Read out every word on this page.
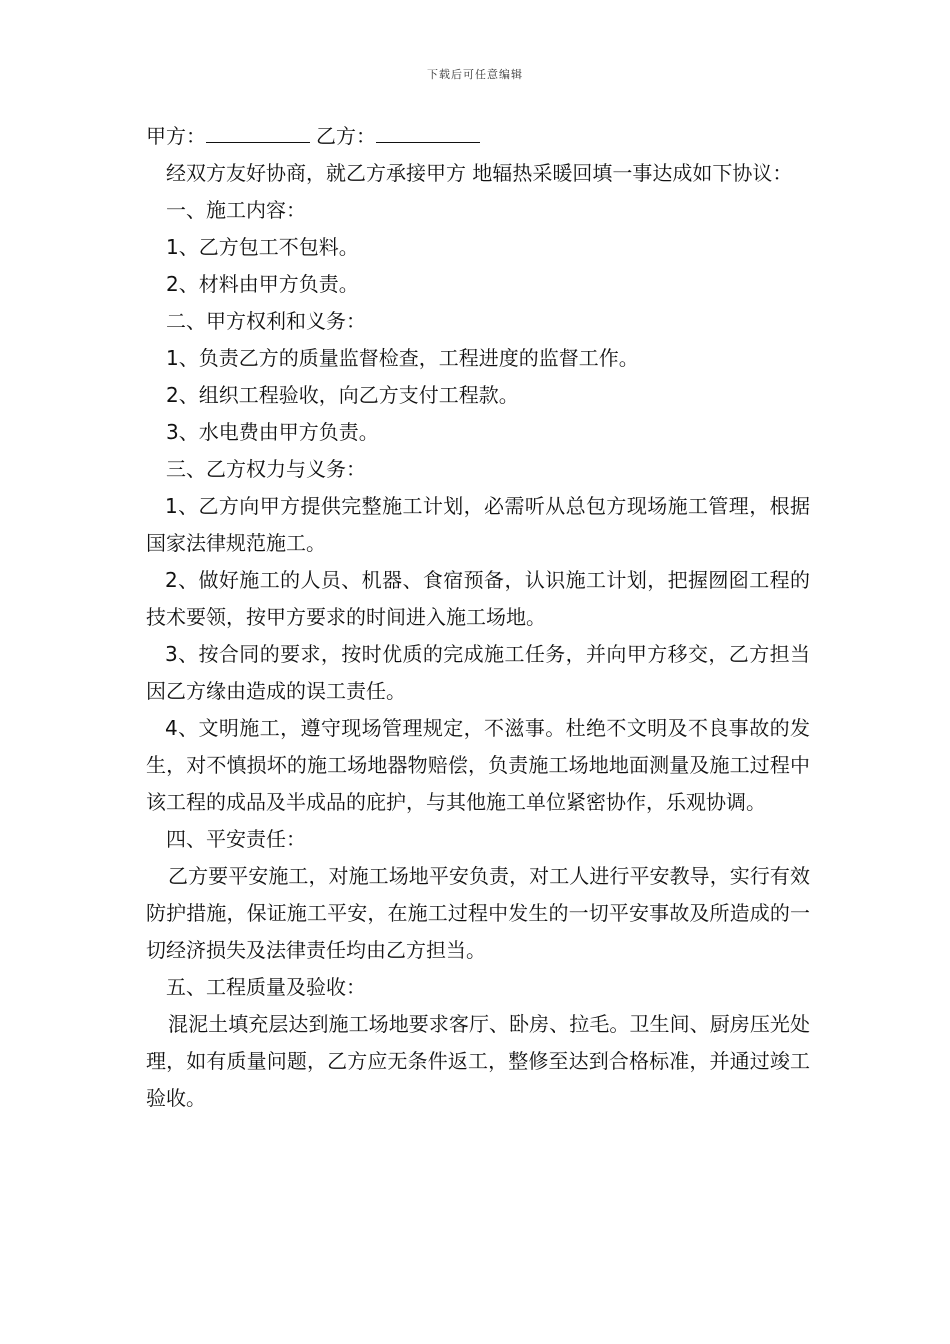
下载后可任意编辑
甲方：	乙方：
经双方友好协商，就乙方承接甲方 地辐热采暖回填一事达成如下协议：
一、施工内容：
1、乙方包工不包料。
2、材料由甲方负责。
二、甲方权利和义务：
1、负责乙方的质量监督检查，工程进度的监督工作。
2、组织工程验收，向乙方支付工程款。
3、水电费由甲方负责。
三、乙方权力与义务：
1、乙方向甲方提供完整施工计划，必需听从总包方现场施工管理，根据国家法律规范施工。
2、做好施工的人员、机器、食宿预备，认识施工计划，把握囫囵工程的技术要领，按甲方要求的时间进入施工场地。
3、按合同的要求，按时优质的完成施工任务，并向甲方移交，乙方担当因乙方缘由造成的误工责任。
4、文明施工，遵守现场管理规定，不滋事。杜绝不文明及不良事故的发生，对不慎损坏的施工场地器物赔偿，负责施工场地地面测量及施工过程中该工程的成品及半成品的庇护，与其他施工单位紧密协作，乐观协调。
四、平安责任：
乙方要平安施工，对施工场地平安负责，对工人进行平安教导，实行有效防护措施，保证施工平安，在施工过程中发生的一切平安事故及所造成的一切经济损失及法律责任均由乙方担当。
五、工程质量及验收：
混泥土填充层达到施工场地要求客厅、卧房、拉毛。卫生间、厨房压光处理，如有质量问题，乙方应无条件返工，整修至达到合格标准，并通过竣工验收。
